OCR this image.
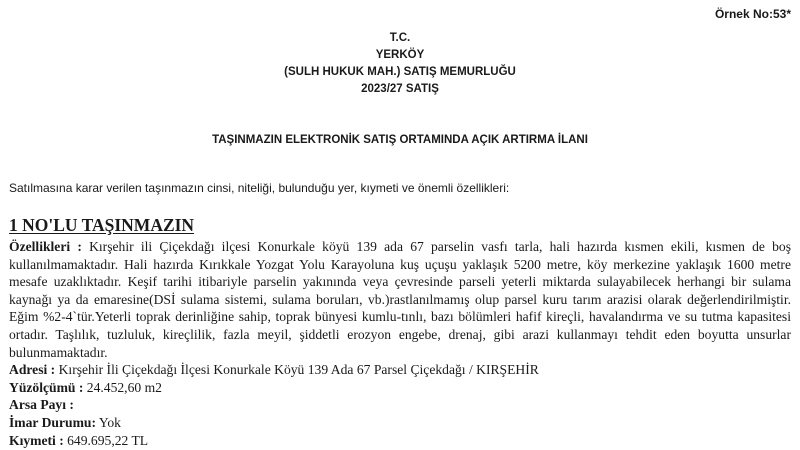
Örnek No:53*
T.C.
YERKÖY
(SULH HUKUK MAH.) SATIŞ MEMURLUĞU
2023/27 SATIŞ
TAŞINMAZIN ELEKTRONİK SATIŞ ORTAMINDA AÇIK ARTIRMA İLANI
Satılmasına karar verilen taşınmazın cinsi, niteliği, bulunduğu yer, kıymeti ve önemli özellikleri:
1 NO'LU TAŞINMAZIN

Özellikleri : Kırşehir ili Çiçekdağı ilçesi Konurkale köyü 139 ada 67 parselin vasfı tarla, hali hazırda kısmen ekili, kısmen de boş kullanılmamaktadır. Hali hazırda Kırıkkale Yozgat Yolu Karayoluna kuş uçuşu yaklaşık 5200 metre, köy merkezine yaklaşık 1600 metre mesafe uzaklıktadır. Keşif tarihi itibariyle parselin yakınında veya çevresinde parseli yeterli miktarda sulayabilecek herhangi bir sulama kaynağı ya da emaresine(DSİ sulama sistemi, sulama boruları, vb.)rastlanılmamış olup parsel kuru tarım arazisi olarak değerlendirilmiştir. Eğim %2-4`tür.Yeterli toprak derinliğine sahip, toprak bünyesi kumlu-tınlı, bazı bölümleri hafif kireçli, havalandırma ve su tutma kapasitesi ortadır. Taşlılık, tuzluluk, kireçlilik, fazla meyil, şiddetli erozyon engebe, drenaj, gibi arazi kullanmayı tehdit eden boyutta unsurlar bulunmamaktadır.

Adresi : Kırşehir İli Çiçekdağı İlçesi Konurkale Köyü 139 Ada 67 Parsel Çiçekdağı / KIRŞEHİR

Yüzölçümü : 24.452,60 m2

Arsa Payı :

İmar Durumu: Yok

Kıymeti : 649.695,22 TL
